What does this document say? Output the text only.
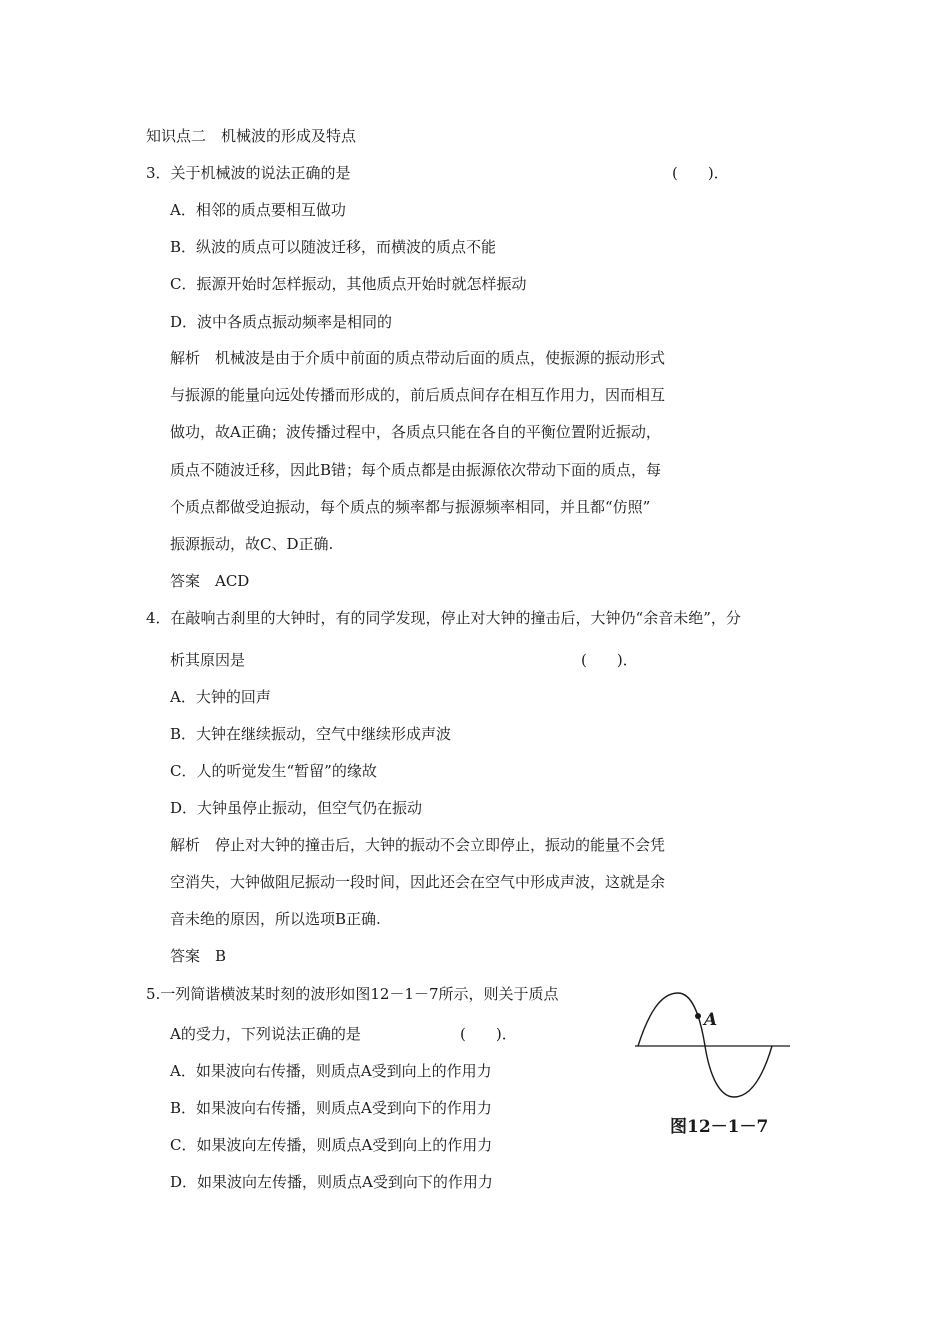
知识点二　机械波的形成及特点
3．关于机械波的说法正确的是	(　　)．
A．相邻的质点要相互做功
B．纵波的质点可以随波迁移，而横波的质点不能
C．振源开始时怎样振动，其他质点开始时就怎样振动
D．波中各质点振动频率是相同的
解析　机械波是由于介质中前面的质点带动后面的质点，使振源的振动形式
与振源的能量向远处传播而形成的，前后质点间存在相互作用力，因而相互
做功，故A正确；波传播过程中，各质点只能在各自的平衡位置附近振动，
质点不随波迁移，因此B错；每个质点都是由振源依次带动下面的质点，每
个质点都做受迫振动，每个质点的频率都与振源频率相同，并且都“仿照”
振源振动，故C、D正确.
答案　ACD
4．在敲响古刹里的大钟时，有的同学发现，停止对大钟的撞击后，大钟仍“余音未绝”，分
析其原因是	(　　)．
A．大钟的回声
B．大钟在继续振动，空气中继续形成声波
C．人的听觉发生“暂留”的缘故
D．大钟虽停止振动，但空气仍在振动
解析　停止对大钟的撞击后，大钟的振动不会立即停止，振动的能量不会凭
空消失，大钟做阻尼振动一段时间，因此还会在空气中形成声波，这就是余
音未绝的原因，所以选项B正确.
答案　B
5.一列简谐横波某时刻的波形如图12－1－7所示，则关于质点
A的受力，下列说法正确的是	(　　)．
A．如果波向右传播，则质点A受到向上的作用力
B．如果波向右传播，则质点A受到向下的作用力
C．如果波向左传播，则质点A受到向上的作用力
D．如果波向左传播，则质点A受到向下的作用力
A
图12－1－7
